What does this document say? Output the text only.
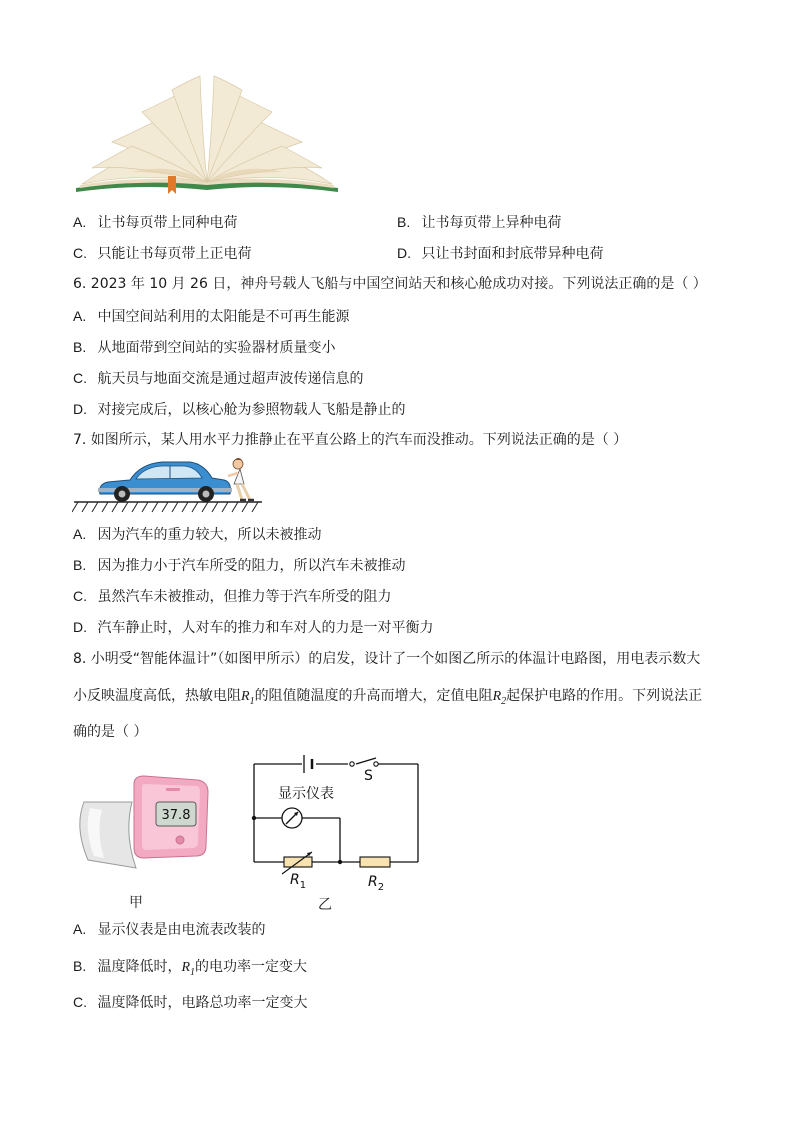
A. 让书每页带上同种电荷	B. 让书每页带上异种电荷
C. 只能让书每页带上正电荷	D. 只让书封面和封底带异种电荷
6. 2023 年 10 月 26 日，神舟号载人飞船与中国空间站天和核心舱成功对接。下列说法正确的是（ ）
A. 中国空间站利用的太阳能是不可再生能源
B. 从地面带到空间站的实验器材质量变小
C. 航天员与地面交流是通过超声波传递信息的
D. 对接完成后，以核心舱为参照物载人飞船是静止的
7. 如图所示，某人用水平力推静止在平直公路上的汽车而没推动。下列说法正确的是（ ）
A. 因为汽车的重力较大，所以未被推动
B. 因为推力小于汽车所受的阻力，所以汽车未被推动
C. 虽然汽车未被推动，但推力等于汽车所受的阻力
D. 汽车静止时，人对车的推力和车对人的力是一对平衡力
8. 小明受“智能体温计”（如图甲所示）的启发，设计了一个如图乙所示的体温计电路图，用电表示数大
小反映温度高低，热敏电阻$R_1$的阻值随温度的升高而增大，定值电阻$R_2$起保护电路的作用。下列说法正
确的是（ ）
37.8
甲
S
显示仪表
$R_1$	$R_2$
乙
A. 显示仪表是由电流表改装的
B. 温度降低时，$R_1$的电功率一定变大
C. 温度降低时，电路总功率一定变大
